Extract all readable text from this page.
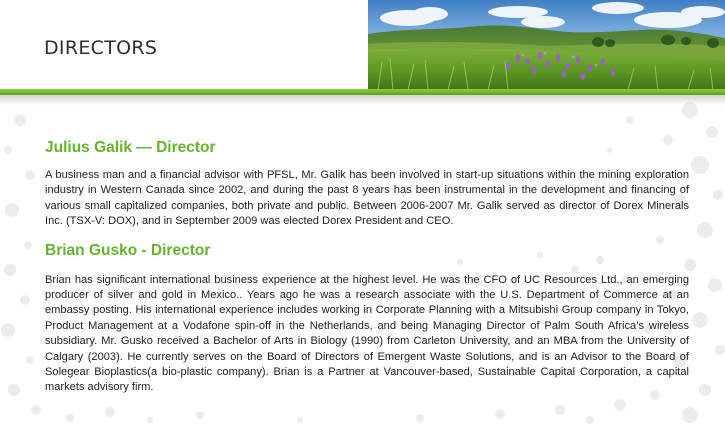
DIRECTORS
Julius Galik — Director

A business man and a financial advisor with PFSL, Mr. Galik has been involved in start-up situations within the mining exploration industry in Western Canada since 2002, and during the past 8 years has been instrumental in the development and financing of various small capitalized companies, both private and public. Between 2006-2007 Mr. Galik served as director of Dorex Minerals Inc. (TSX-V: DOX), and in September 2009 was elected Dorex President and CEO.

Brian Gusko - Director

Brian has significant international business experience at the highest level. He was the CFO of UC Resources Ltd., an emerging producer of silver and gold in Mexico.. Years ago he was a research associate with the U.S. Department of Commerce at an embassy posting. His international experience includes working in Corporate Planning with a Mitsubishi Group company in Tokyo, Product Management at a Vodafone spin-off in the Netherlands, and being Managing Director of Palm South Africa’s wireless subsidiary. Mr. Gusko received a Bachelor of Arts in Biology (1990) from Carleton University, and an MBA from the University of Calgary (2003). He currently serves on the Board of Directors of Emergent Waste Solutions, and is an Advisor to the Board of Solegear Bioplastics(a bio-plastic company). Brian is a Partner at Vancouver-based, Sustainable Capital Corporation, a capital markets advisory firm.
